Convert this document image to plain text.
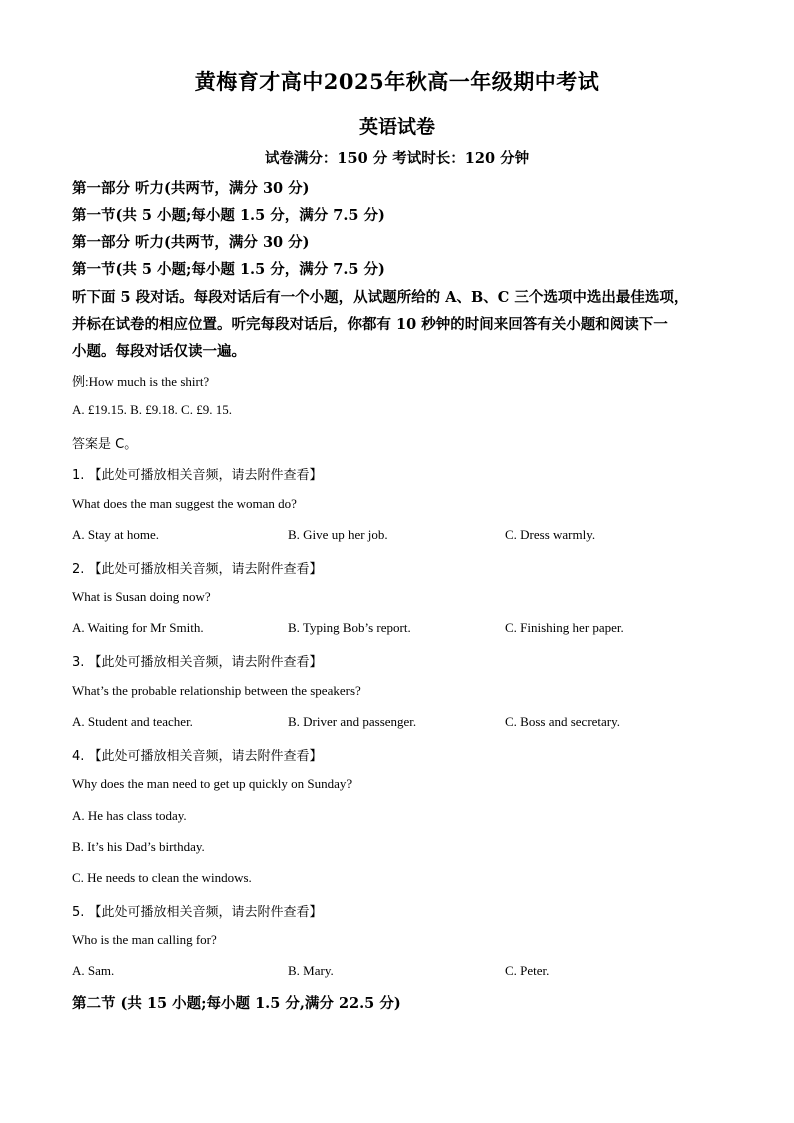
黄梅育才高中2025年秋高一年级期中考试
英语试卷
试卷满分：150 分 考试时长：120 分钟
第一部分 听力(共两节，满分 30 分)
第一节(共 5 小题;每小题 1.5 分，满分 7.5 分)
第一部分 听力(共两节，满分 30 分)
第一节(共 5 小题;每小题 1.5 分，满分 7.5 分)
听下面 5 段对话。每段对话后有一个小题，从试题所给的 A、B、C 三个选项中选出最佳选项，
并标在试卷的相应位置。听完每段对话后，你都有 10 秒钟的时间来回答有关小题和阅读下一
小题。每段对话仅读一遍。
例:How much is the shirt?
A. £19.15. B. £9.18. C. £9. 15.
答案是 C。
1. 【此处可播放相关音频，请去附件查看】
What does the man suggest the woman do?
A. Stay at home.	B. Give up her job.	C. Dress warmly.
2. 【此处可播放相关音频，请去附件查看】
What is Susan doing now?
A. Waiting for Mr Smith.	B. Typing Bob’s report.	C. Finishing her paper.
3. 【此处可播放相关音频，请去附件查看】
What’s the probable relationship between the speakers?
A. Student and teacher.	B. Driver and passenger.	C. Boss and secretary.
4. 【此处可播放相关音频，请去附件查看】
Why does the man need to get up quickly on Sunday?
A. He has class today.
B. It’s his Dad’s birthday.
C. He needs to clean the windows.
5. 【此处可播放相关音频，请去附件查看】
Who is the man calling for?
A. Sam.	B. Mary.	C. Peter.
第二节 (共 15 小题;每小题 1.5 分,满分 22.5 分)
